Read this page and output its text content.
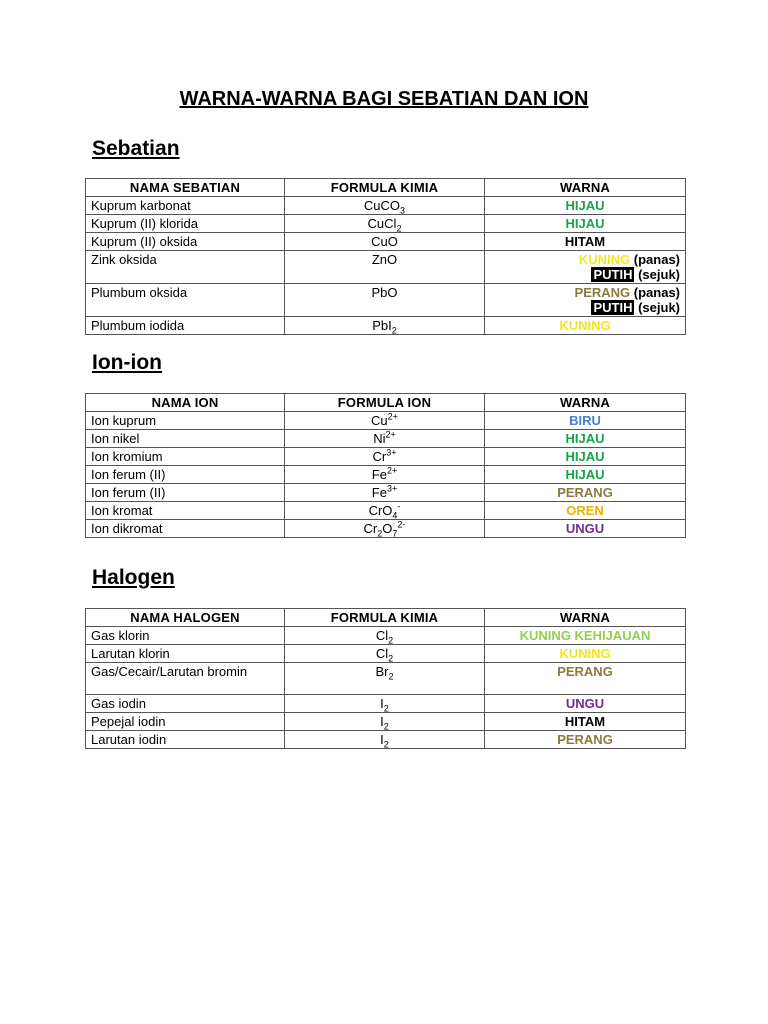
WARNA-WARNA BAGI SEBATIAN DAN ION
Sebatian
NAMA SEBATIAN	FORMULA KIMIA	WARNA
Kuprum karbonat	CuCO$_3$	HIJAU
Kuprum (II) klorida	CuCl$_2$	HIJAU
Kuprum (II) oksida	CuO	HITAM
Zink oksida	ZnO	KUNING (panas)
PUTIH (sejuk)
Plumbum oksida	PbO	PERANG (panas)
PUTIH (sejuk)
Plumbum iodida	PbI$_2$	KUNING
Ion-ion
NAMA ION	FORMULA ION	WARNA
Ion kuprum	$Cu^{2+}$	BIRU
Ion nikel	$Ni^{2+}$	HIJAU
Ion kromium	$Cr^{3+}$	HIJAU
Ion ferum (II)	$Fe^{2+}$	HIJAU
Ion ferum (II)	$Fe^{3+}$	PERANG
Ion kromat	CrO$_4$-	OREN
Ion dikromat	$Cr_2O_7^{2-}$	UNGU
Halogen
NAMA HALOGEN	FORMULA KIMIA	WARNA
Gas klorin	$Cl_2$	KUNING KEHIJAUAN
Larutan klorin	$Cl_2$	KUNING
Gas/Cecair/Larutan bromin	$Br_2$	PERANG
Gas iodin	$I_2$	UNGU
Pepejal iodin	$I_2$	HITAM
Larutan iodin	$I_2$	PERANG
